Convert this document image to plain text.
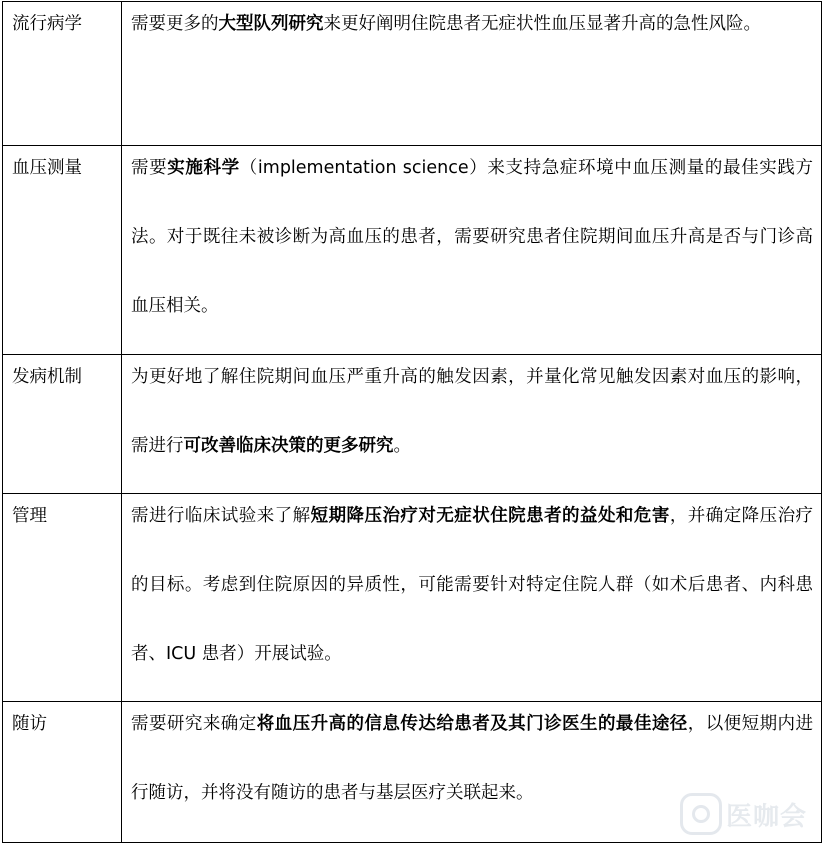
流行病学	需要更多的大型队列研究来更好阐明住院患者无症状性血压显著升高的急性风险。

血压测量	需要实施科学（implementation science）来支持急症环境中血压测量的最佳实践方法。对于既往未被诊断为高血压的患者，需要研究患者住院期间血压升高是否与门诊高血压相关。

发病机制	为更好地了解住院期间血压严重升高的触发因素，并量化常见触发因素对血压的影响，需进行可改善临床决策的更多研究。

管理	需进行临床试验来了解短期降压治疗对无症状住院患者的益处和危害，并确定降压治疗的目标。考虑到住院原因的异质性，可能需要针对特定住院人群（如术后患者、内科患者、ICU 患者）开展试验。

随访	需要研究来确定将血压升高的信息传达给患者及其门诊医生的最佳途径，以便短期内进行随访，并将没有随访的患者与基层医疗关联起来。

医咖会
